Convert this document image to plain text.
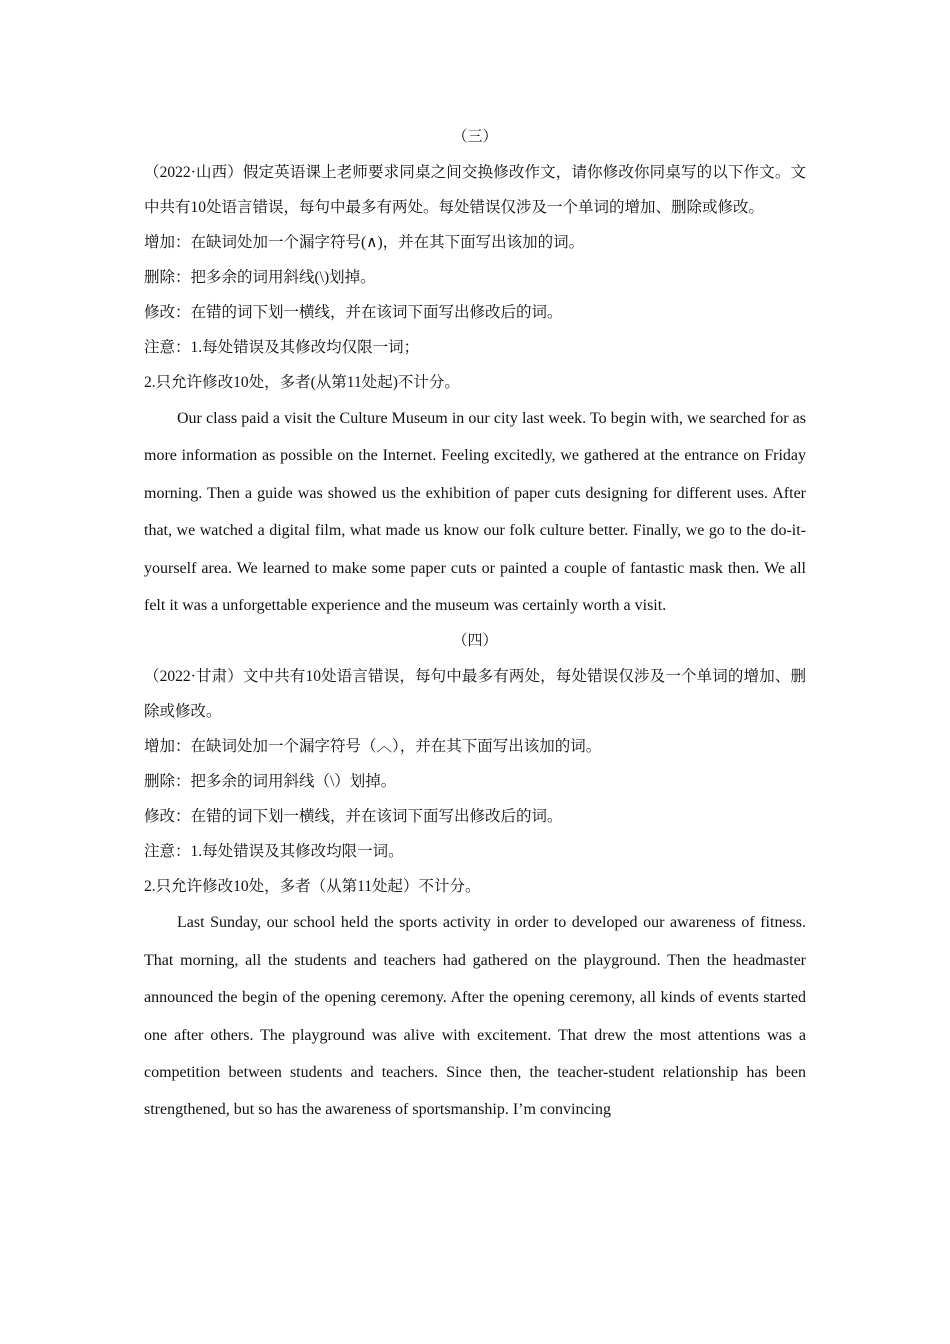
（三）

（2022·山西）假定英语课上老师要求同桌之间交换修改作文，请你修改你同桌写的以下作文。文中共有10处语言错误，每句中最多有两处。每处错误仅涉及一个单词的增加、删除或修改。

增加：在缺词处加一个漏字符号(∧)，并在其下面写出该加的词。

删除：把多余的词用斜线(\)划掉。

修改：在错的词下划一横线，并在该词下面写出修改后的词。

注意：1.每处错误及其修改均仅限一词；

2.只允许修改10处，多者(从第11处起)不计分。

Our class paid a visit the Culture Museum in our city last week. To begin with, we searched for as more information as possible on the Internet. Feeling excitedly, we gathered at the entrance on Friday morning. Then a guide was showed us the exhibition of paper cuts designing for different uses. After that, we watched a digital film, what made us know our folk culture better. Finally, we go to the do-it-yourself area. We learned to make some paper cuts or painted a couple of fantastic mask then. We all felt it was a unforgettable experience and the museum was certainly worth a visit.

（四）

（2022·甘肃）文中共有10处语言错误，每句中最多有两处，每处错误仅涉及一个单词的增加、删除或修改。

增加：在缺词处加一个漏字符号（︿），并在其下面写出该加的词。

删除：把多余的词用斜线（\）划掉。

修改：在错的词下划一横线，并在该词下面写出修改后的词。

注意：1.每处错误及其修改均限一词。

2.只允许修改10处，多者（从第11处起）不计分。

Last Sunday, our school held the sports activity in order to developed our awareness of fitness. That morning, all the students and teachers had gathered on the playground. Then the headmaster announced the begin of the opening ceremony. After the opening ceremony, all kinds of events started one after others. The playground was alive with excitement. That drew the most attentions was a competition between students and teachers. Since then, the teacher-student relationship has been strengthened, but so has the awareness of sportsmanship. I’m convincing
